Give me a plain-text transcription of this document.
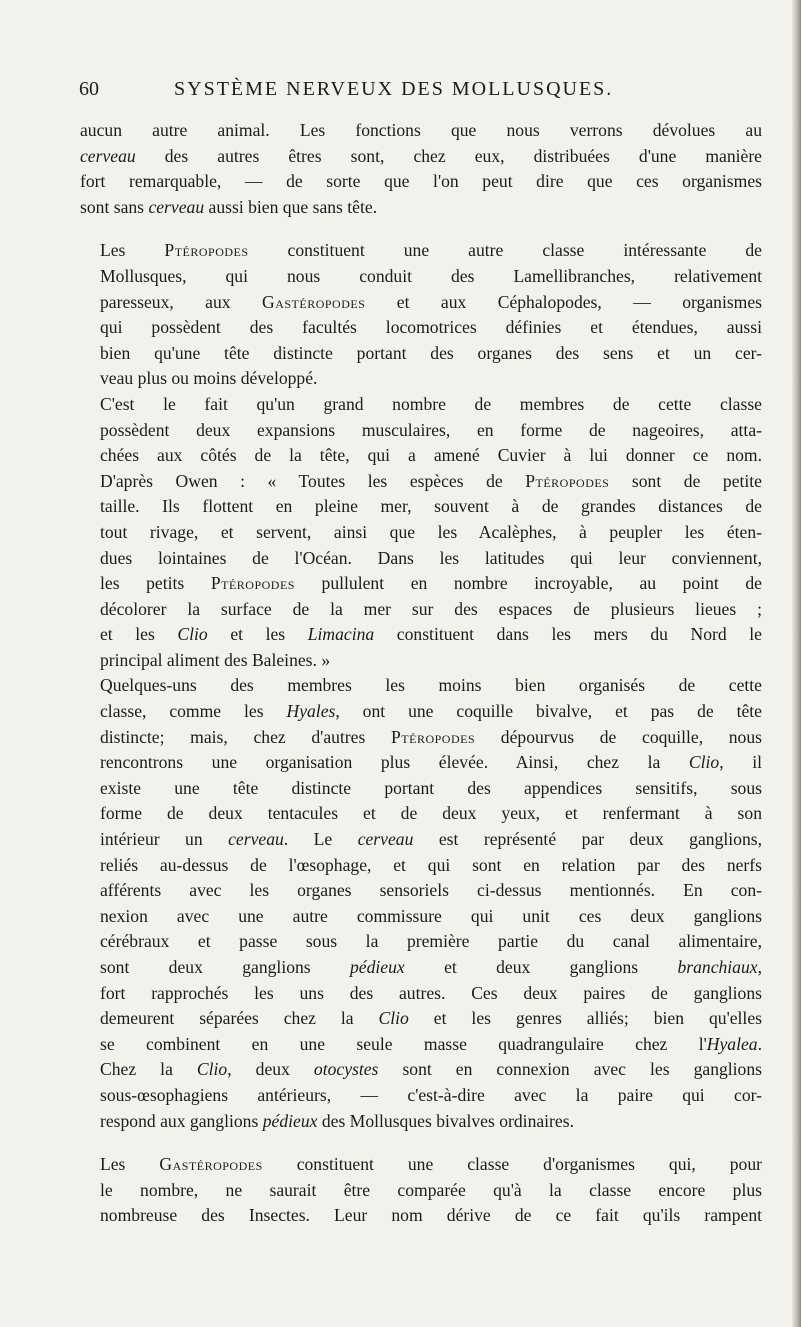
60	SYSTÈME NERVEUX DES MOLLUSQUES.

aucun autre animal. Les fonctions que nous verrons dévolues au
cerveau des autres êtres sont, chez eux, distribuées d'une manière
fort remarquable, — de sorte que l'on peut dire que ces organismes
sont sans cerveau aussi bien que sans tête.

Les Ptéropodes constituent une autre classe intéressante de
Mollusques, qui nous conduit des Lamellibranches, relativement
paresseux, aux Gastéropodes et aux Céphalopodes, — organismes
qui possèdent des facultés locomotrices définies et étendues, aussi
bien qu'une tête distincte portant des organes des sens et un cer-
veau plus ou moins développé.

C'est le fait qu'un grand nombre de membres de cette classe
possèdent deux expansions musculaires, en forme de nageoires, atta-
chées aux côtés de la tête, qui a amené Cuvier à lui donner ce nom.
D'après Owen : « Toutes les espèces de Ptéropodes sont de petite
taille. Ils flottent en pleine mer, souvent à de grandes distances de
tout rivage, et servent, ainsi que les Acalèphes, à peupler les éten-
dues lointaines de l'Océan. Dans les latitudes qui leur conviennent,
les petits Ptéropodes pullulent en nombre incroyable, au point de
décolorer la surface de la mer sur des espaces de plusieurs lieues ;
et les Clio et les Limacina constituent dans les mers du Nord le
principal aliment des Baleines. »

Quelques-uns des membres les moins bien organisés de cette
classe, comme les Hyales, ont une coquille bivalve, et pas de tête
distincte; mais, chez d'autres Ptéropodes dépourvus de coquille, nous
rencontrons une organisation plus élevée. Ainsi, chez la Clio, il
existe une tête distincte portant des appendices sensitifs, sous
forme de deux tentacules et de deux yeux, et renfermant à son
intérieur un cerveau. Le cerveau est représenté par deux ganglions,
reliés au-dessus de l'œsophage, et qui sont en relation par des nerfs
afférents avec les organes sensoriels ci-dessus mentionnés. En con-
nexion avec une autre commissure qui unit ces deux ganglions
cérébraux et passe sous la première partie du canal alimentaire,
sont deux ganglions pédieux et deux ganglions branchiaux,
fort rapprochés les uns des autres. Ces deux paires de ganglions
demeurent séparées chez la Clio et les genres alliés; bien qu'elles
se combinent en une seule masse quadrangulaire chez l'Hyalea.
Chez la Clio, deux otocystes sont en connexion avec les ganglions
sous-œsophagiens antérieurs, — c'est-à-dire avec la paire qui cor-
respond aux ganglions pédieux des Mollusques bivalves ordinaires.

Les Gastéropodes constituent une classe d'organismes qui, pour
le nombre, ne saurait être comparée qu'à la classe encore plus
nombreuse des Insectes. Leur nom dérive de ce fait qu'ils rampent
